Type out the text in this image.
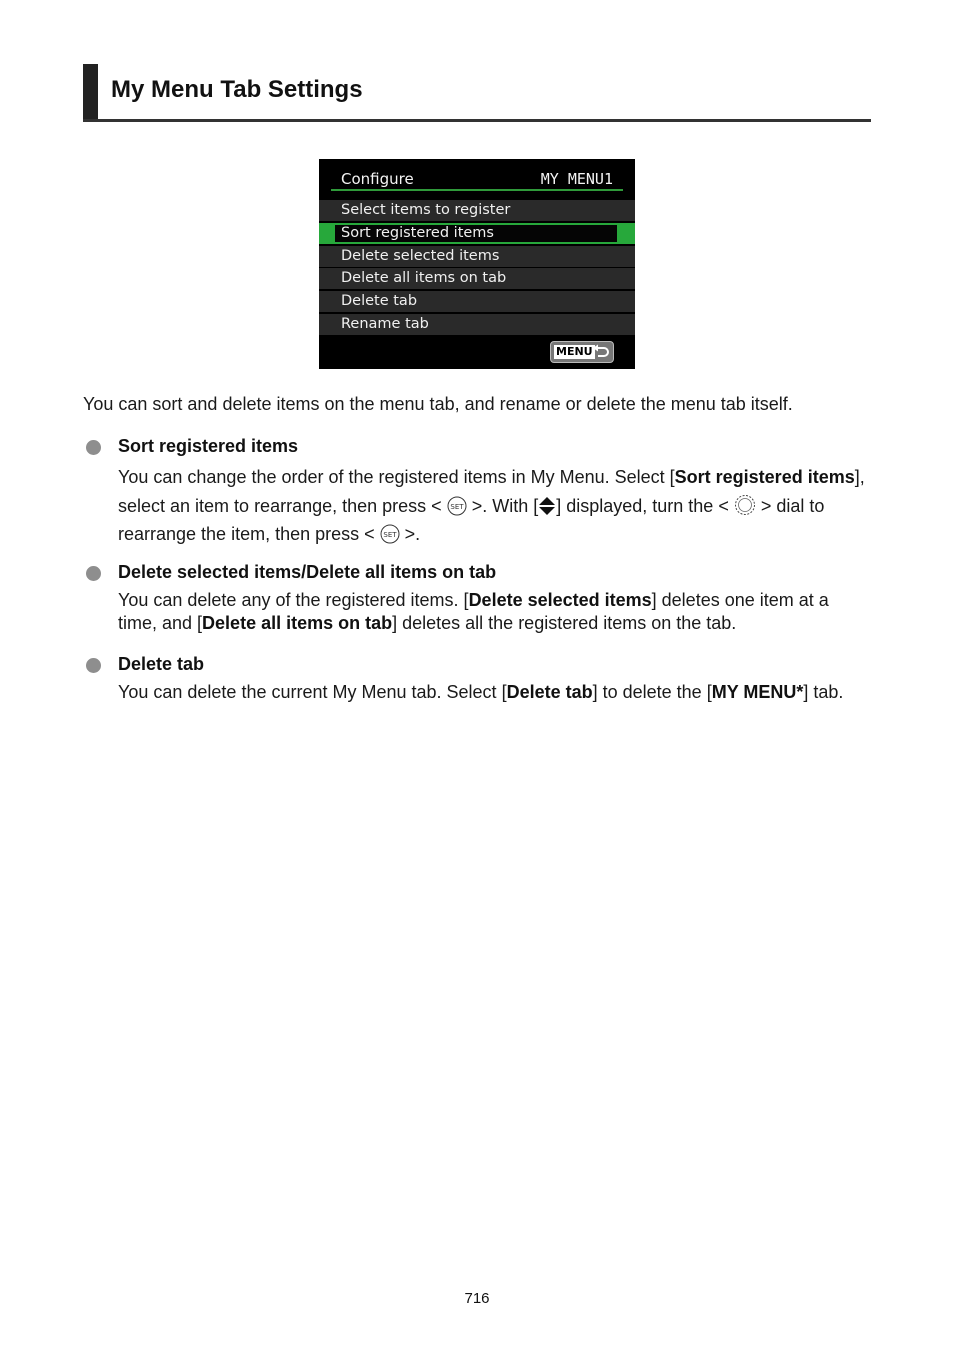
My Menu Tab Settings
Configure	MY MENU1
Select items to register
Sort registered items
Delete selected items
Delete all items on tab
Delete tab
Rename tab
MENU
You can sort and delete items on the menu tab, and rename or delete the menu tab itself.
Sort registered items
You can change the order of the registered items in My Menu. Select [Sort registered items], select an item to rearrange, then press < SET >. With [ ] displayed, turn the <  > dial to rearrange the item, then press < SET >.
Delete selected items/Delete all items on tab
You can delete any of the registered items. [Delete selected items] deletes one item at a time, and [Delete all items on tab] deletes all the registered items on the tab.
Delete tab
You can delete the current My Menu tab. Select [Delete tab] to delete the [MY MENU*] tab.
716
